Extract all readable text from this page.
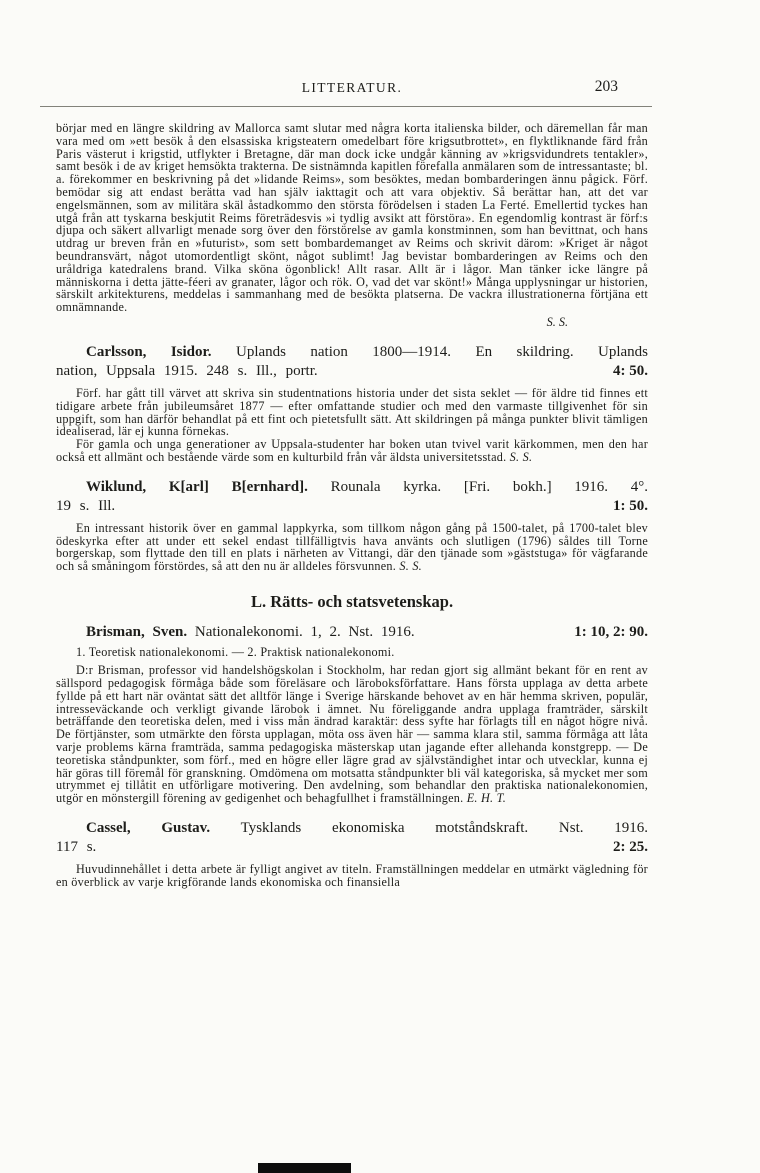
LITTERATUR.	203

börjar med en längre skildring av Mallorca samt slutar med några korta italienska bilder, och däremellan får man vara med om »ett besök å den elsassiska krigsteatern omedelbart före krigsutbrottet», en flyktliknande färd från Paris västerut i krigstid, utflykter i Bretagne, där man dock icke undgår känning av »krigsvidundrets tentakler», samt besök i de av kriget hemsökta trakterna. De sistnämnda kapitlen förefalla anmälaren som de intressantaste; bl. a. förekommer en beskrivning på det »lidande Reims», som besöktes, medan bombarderingen ännu pågick. Förf. bemödar sig att endast berätta vad han själv iakttagit och att vara objektiv. Så berättar han, att det var engelsmännen, som av militära skäl åstadkommo den största förödelsen i staden La Ferté. Emellertid tyckes han utgå från att tyskarna beskjutit Reims företrädesvis »i tydlig avsikt att förstöra». En egendomlig kontrast är förf:s djupa och säkert allvarligt menade sorg över den förstörelse av gamla konstminnen, som han bevittnat, och hans utdrag ur breven från en »futurist», som sett bombardemanget av Reims och skrivit därom: »Kriget är något beundransvärt, något utomordentligt skönt, något sublimt! Jag bevistar bombarderingen av Reims och den uråldriga katedralens brand. Vilka sköna ögonblick! Allt rasar. Allt är i lågor. Man tänker icke längre på människorna i detta jätte-féeri av granater, lågor och rök. O, vad det var skönt!» Många upplysningar ur historien, särskilt arkitekturens, meddelas i sammanhang med de besökta platserna. De vackra illustrationerna förtjäna ett omnämnande.

S. S.
Carlsson, Isidor. Uplands nation 1800—1914. En skildring. Uplands
nation, Uppsala 1915. 248 s. Ill., portr.	4: 50.

Förf. har gått till värvet att skriva sin studentnations historia under det sista seklet — för äldre tid finnes ett tidigare arbete från jubileumsåret 1877 — efter omfattande studier och med den varmaste tillgivenhet för sin uppgift, som han därför behandlat på ett fint och pietetsfullt sätt. Att skildringen på många punkter blivit tämligen idealiserad, lär ej kunna förnekas.

För gamla och unga generationer av Uppsala-studenter har boken utan tvivel varit kärkommen, men den har också ett allmänt och bestående värde som en kulturbild från vår äldsta universitetsstad. S. S.

Wiklund, K[arl] B[ernhard]. Rounala kyrka. [Fri. bokh.] 1916. 4°.
19 s. Ill.	1: 50.

En intressant historik över en gammal lappkyrka, som tillkom någon gång på 1500-talet, på 1700-talet blev ödeskyrka efter att under ett sekel endast tillfälligtvis hava använts och slutligen (1796) såldes till Torne borgerskap, som flyttade den till en plats i närheten av Vittangi, där den tjänade som »gäststuga» för vägfarande och så småningom förstördes, så att den nu är alldeles försvunnen. S. S.

L. Rätts- och statsvetenskap.
Brisman, Sven. Nationalekonomi. 1, 2. Nst. 1916.	1: 10, 2: 90.

1. Teoretisk nationalekonomi. — 2. Praktisk nationalekonomi.

D:r Brisman, professor vid handelshögskolan i Stockholm, har redan gjort sig allmänt bekant för en rent av sällspord pedagogisk förmåga både som föreläsare och läroboksförfattare. Hans första upplaga av detta arbete fyllde på ett hart när oväntat sätt det alltför länge i Sverige härskande behovet av en här hemma skriven, populär, intresseväckande och verkligt givande lärobok i ämnet. Nu föreliggande andra upplaga framträder, särskilt beträffande den teoretiska delen, med i viss mån ändrad karaktär: dess syfte har förlagts till en något högre nivå. De förtjänster, som utmärkte den första upplagan, möta oss även här — samma klara stil, samma förmåga att låta varje problems kärna framträda, samma pedagogiska mästerskap utan jagande efter allehanda konstgrepp. — De teoretiska ståndpunkter, som förf., med en högre eller lägre grad av självständighet intar och utvecklar, kunna ej här göras till föremål för granskning. Omdömena om motsatta ståndpunkter bli väl kategoriska, så mycket mer som utrymmet ej tillåtit en utförligare motivering. Den avdelning, som behandlar den praktiska nationalekonomien, utgör en mönstergill förening av gedigenhet och behagfullhet i framställningen. E. H. T.

Cassel, Gustav. Tysklands ekonomiska motståndskraft. Nst. 1916.
117 s.	2: 25.

Huvudinnehållet i detta arbete är fylligt angivet av titeln. Framställningen meddelar en utmärkt vägledning för en överblick av varje krigförande lands ekonomiska och finansiella
